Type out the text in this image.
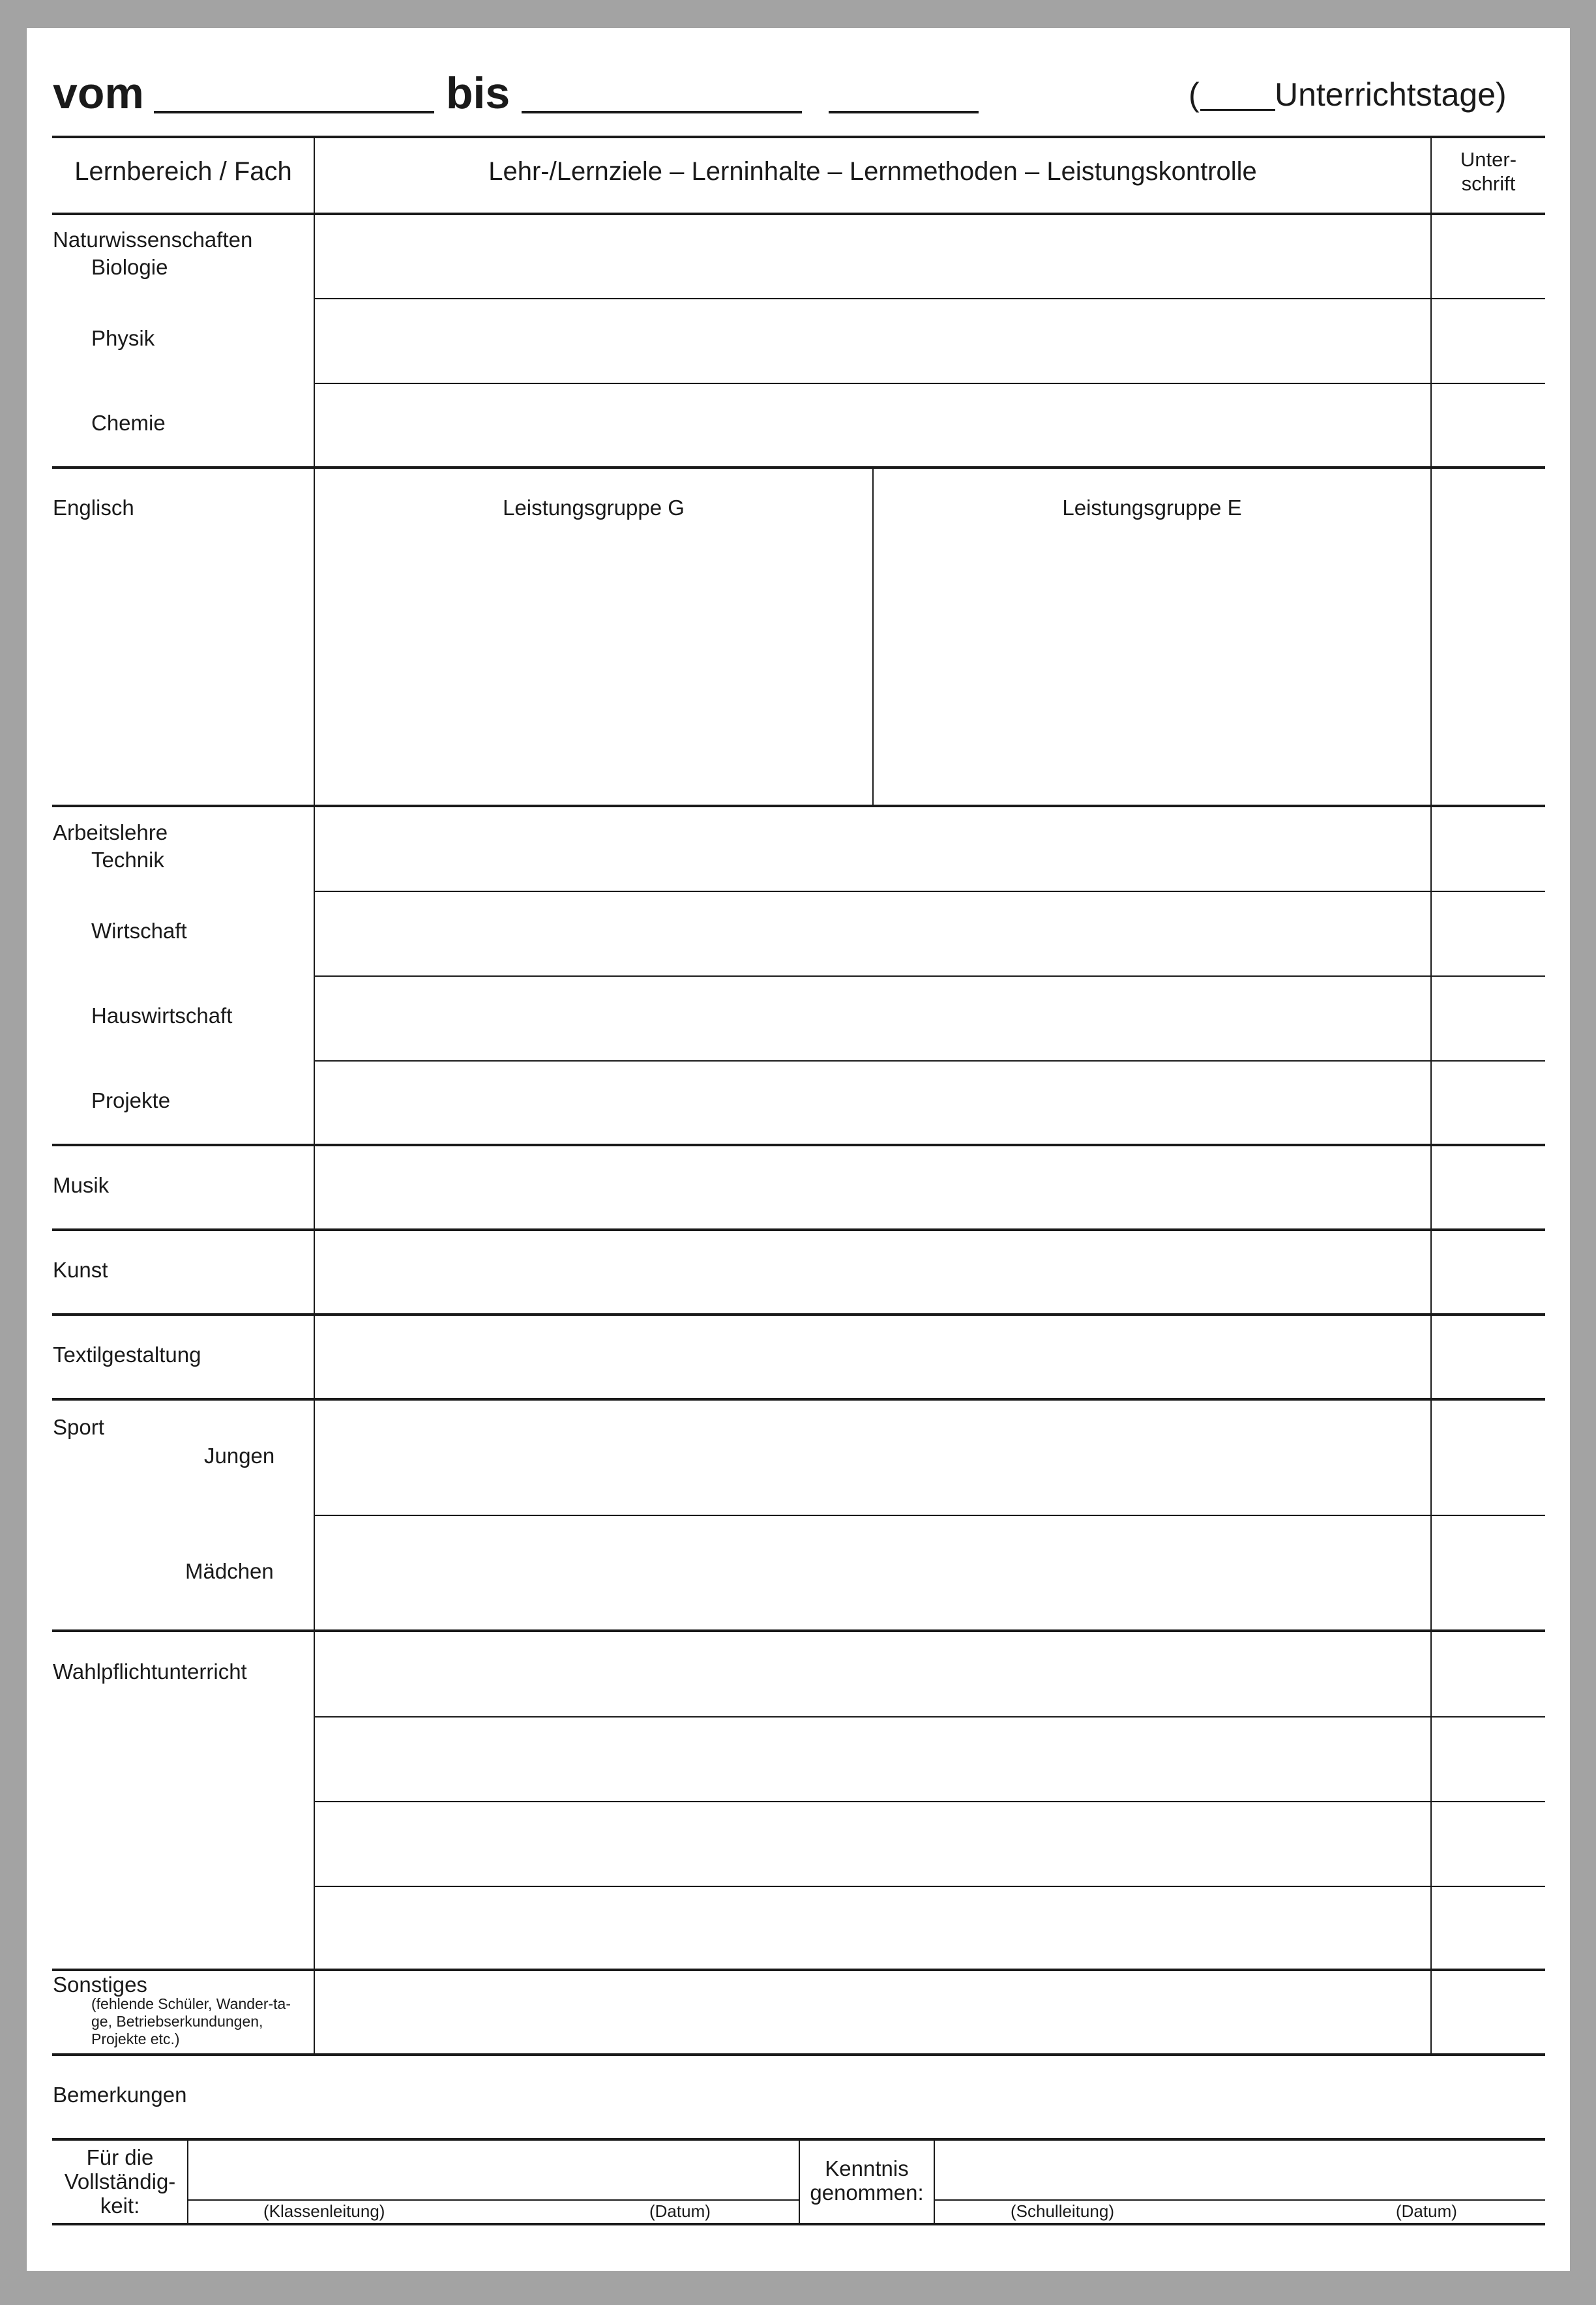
vom	bis	( Unterrichtstage)
Lernbereich / Fach	Lehr-/Lernziele – Lerninhalte – Lernmethoden – Leistungskontrolle	Unter-
schrift
Naturwissenschaften
Biologie
Physik
Chemie
Englisch	Leistungsgruppe G	Leistungsgruppe E
Arbeitslehre
Technik
Wirtschaft
Hauswirtschaft
Projekte
Musik
Kunst
Textilgestaltung
Sport
Jungen
Mädchen
Wahlpflichtunterricht
Sonstiges
(fehlende Schüler, Wander-ta-
ge, Betriebserkundungen,
Projekte etc.)
Bemerkungen
Für die
Vollständig-
keit:	(Klassenleitung)	(Datum)
Kenntnis
genommen:
(Schulleitung)	(Datum)
